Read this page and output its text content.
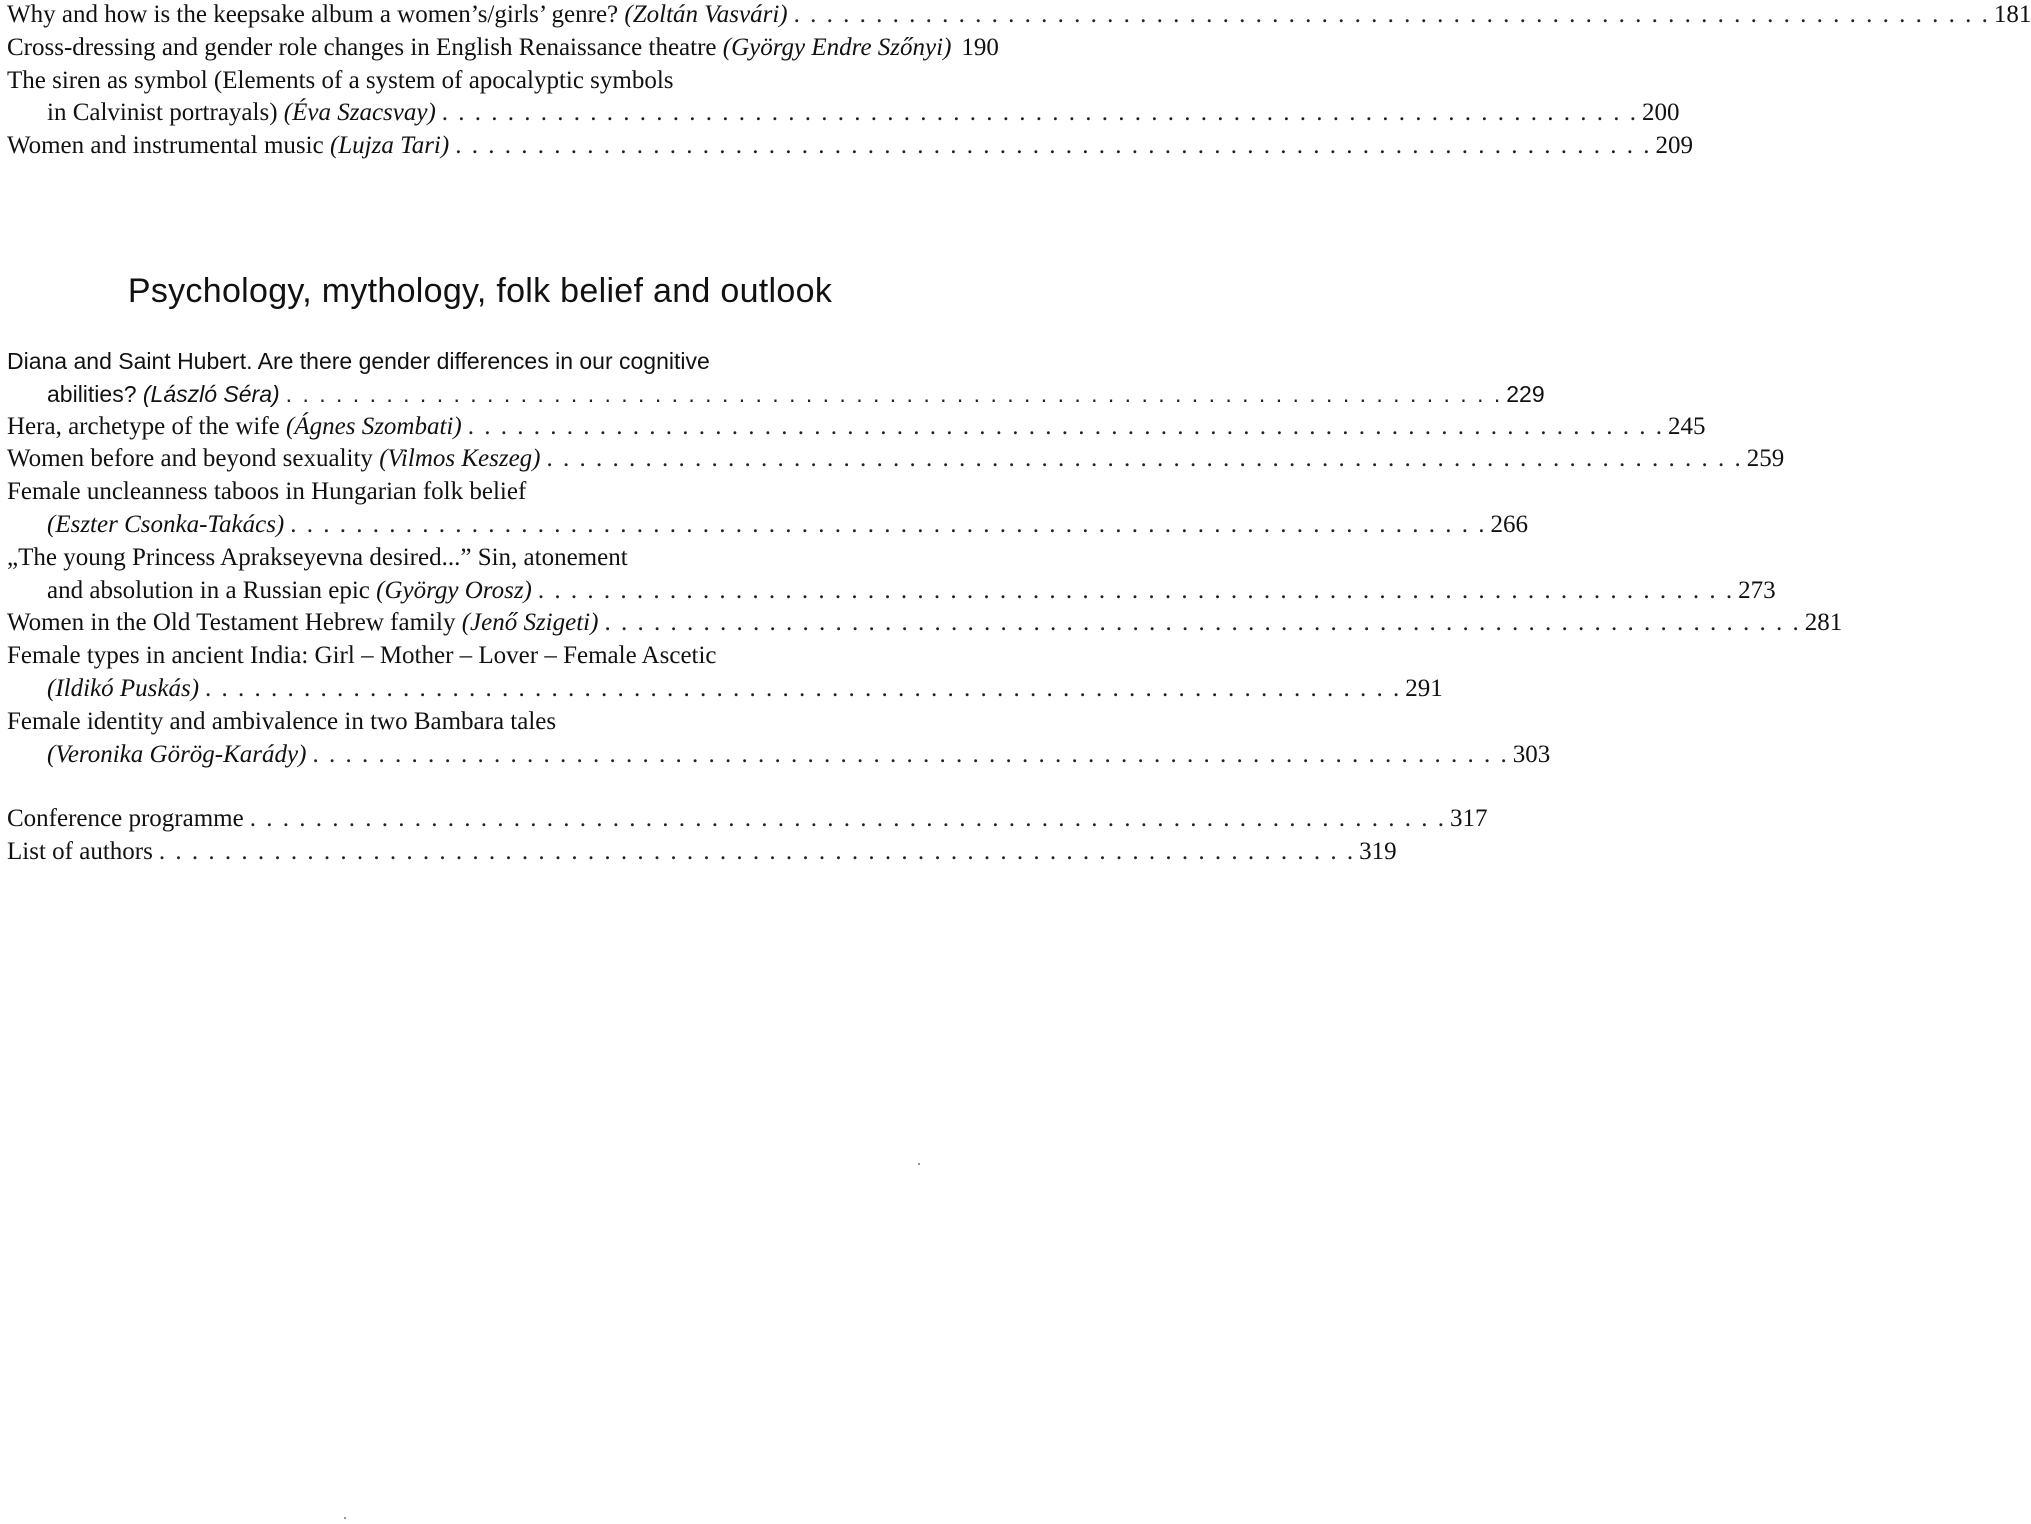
Why and how is the keepsake album a women’s/girls’ genre?
(Zoltán Vasvári) . . . . . . . . . . . . . . . . . . . . . . . . . . . . . . . . . . . . . . . . . . . . . . . . . . . . . . . . . . . . . . . . . . . . . . . . . 181
Cross-dressing and gender role changes in English Renaissance theatre
(György Endre Szőnyi) 190
The siren as symbol (Elements of a system of apocalyptic symbols
in Calvinist portrayals)
(Éva Szacsvay) . . . . . . . . . . . . . . . . . . . . . . . . . . . . . . . . . . . . . . . . . . . . . . . . . . . . . . . . . . . . . . . . . . . . . . . . . 200
Women and instrumental music
(Lujza Tari) . . . . . . . . . . . . . . . . . . . . . . . . . . . . . . . . . . . . . . . . . . . . . . . . . . . . . . . . . . . . . . . . . . . . . . . . . 209
Psychology, mythology, folk belief and outlook
Diana and Saint Hubert. Are there gender differences in our cognitive
abilities?
(László Séra) . . . . . . . . . . . . . . . . . . . . . . . . . . . . . . . . . . . . . . . . . . . . . . . . . . . . . . . . . . . . . . . . . . . . . . . . . 229
Hera, archetype of the wife
(Ágnes Szombati) . . . . . . . . . . . . . . . . . . . . . . . . . . . . . . . . . . . . . . . . . . . . . . . . . . . . . . . . . . . . . . . . . . . . . . . . . 245
Women before and beyond sexuality
(Vilmos Keszeg) . . . . . . . . . . . . . . . . . . . . . . . . . . . . . . . . . . . . . . . . . . . . . . . . . . . . . . . . . . . . . . . . . . . . . . . . . 259
Female uncleanness taboos in Hungarian folk belief
(Eszter Csonka-Takács) . . . . . . . . . . . . . . . . . . . . . . . . . . . . . . . . . . . . . . . . . . . . . . . . . . . . . . . . . . . . . . . . . . . . . . . . . 266
„The young Princess Aprakseyevna desired...” Sin, atonement
and absolution in a Russian epic
(György Orosz) . . . . . . . . . . . . . . . . . . . . . . . . . . . . . . . . . . . . . . . . . . . . . . . . . . . . . . . . . . . . . . . . . . . . . . . . . 273
Women in the Old Testament Hebrew family
(Jenő Szigeti) . . . . . . . . . . . . . . . . . . . . . . . . . . . . . . . . . . . . . . . . . . . . . . . . . . . . . . . . . . . . . . . . . . . . . . . . . 281
Female types in ancient India: Girl – Mother – Lover – Female Ascetic
(Ildikó Puskás) . . . . . . . . . . . . . . . . . . . . . . . . . . . . . . . . . . . . . . . . . . . . . . . . . . . . . . . . . . . . . . . . . . . . . . . . . 291
Female identity and ambivalence in two Bambara tales
(Veronika Görög-Karády) . . . . . . . . . . . . . . . . . . . . . . . . . . . . . . . . . . . . . . . . . . . . . . . . . . . . . . . . . . . . . . . . . . . . . . . . . 303
Conference programme . . . . . . . . . . . . . . . . . . . . . . . . . . . . . . . . . . . . . . . . . . . . . . . . . . . . . . . . . . . . . . . . . . . . . . . . . 317
List of authors . . . . . . . . . . . . . . . . . . . . . . . . . . . . . . . . . . . . . . . . . . . . . . . . . . . . . . . . . . . . . . . . . . . . . . . . . 319
